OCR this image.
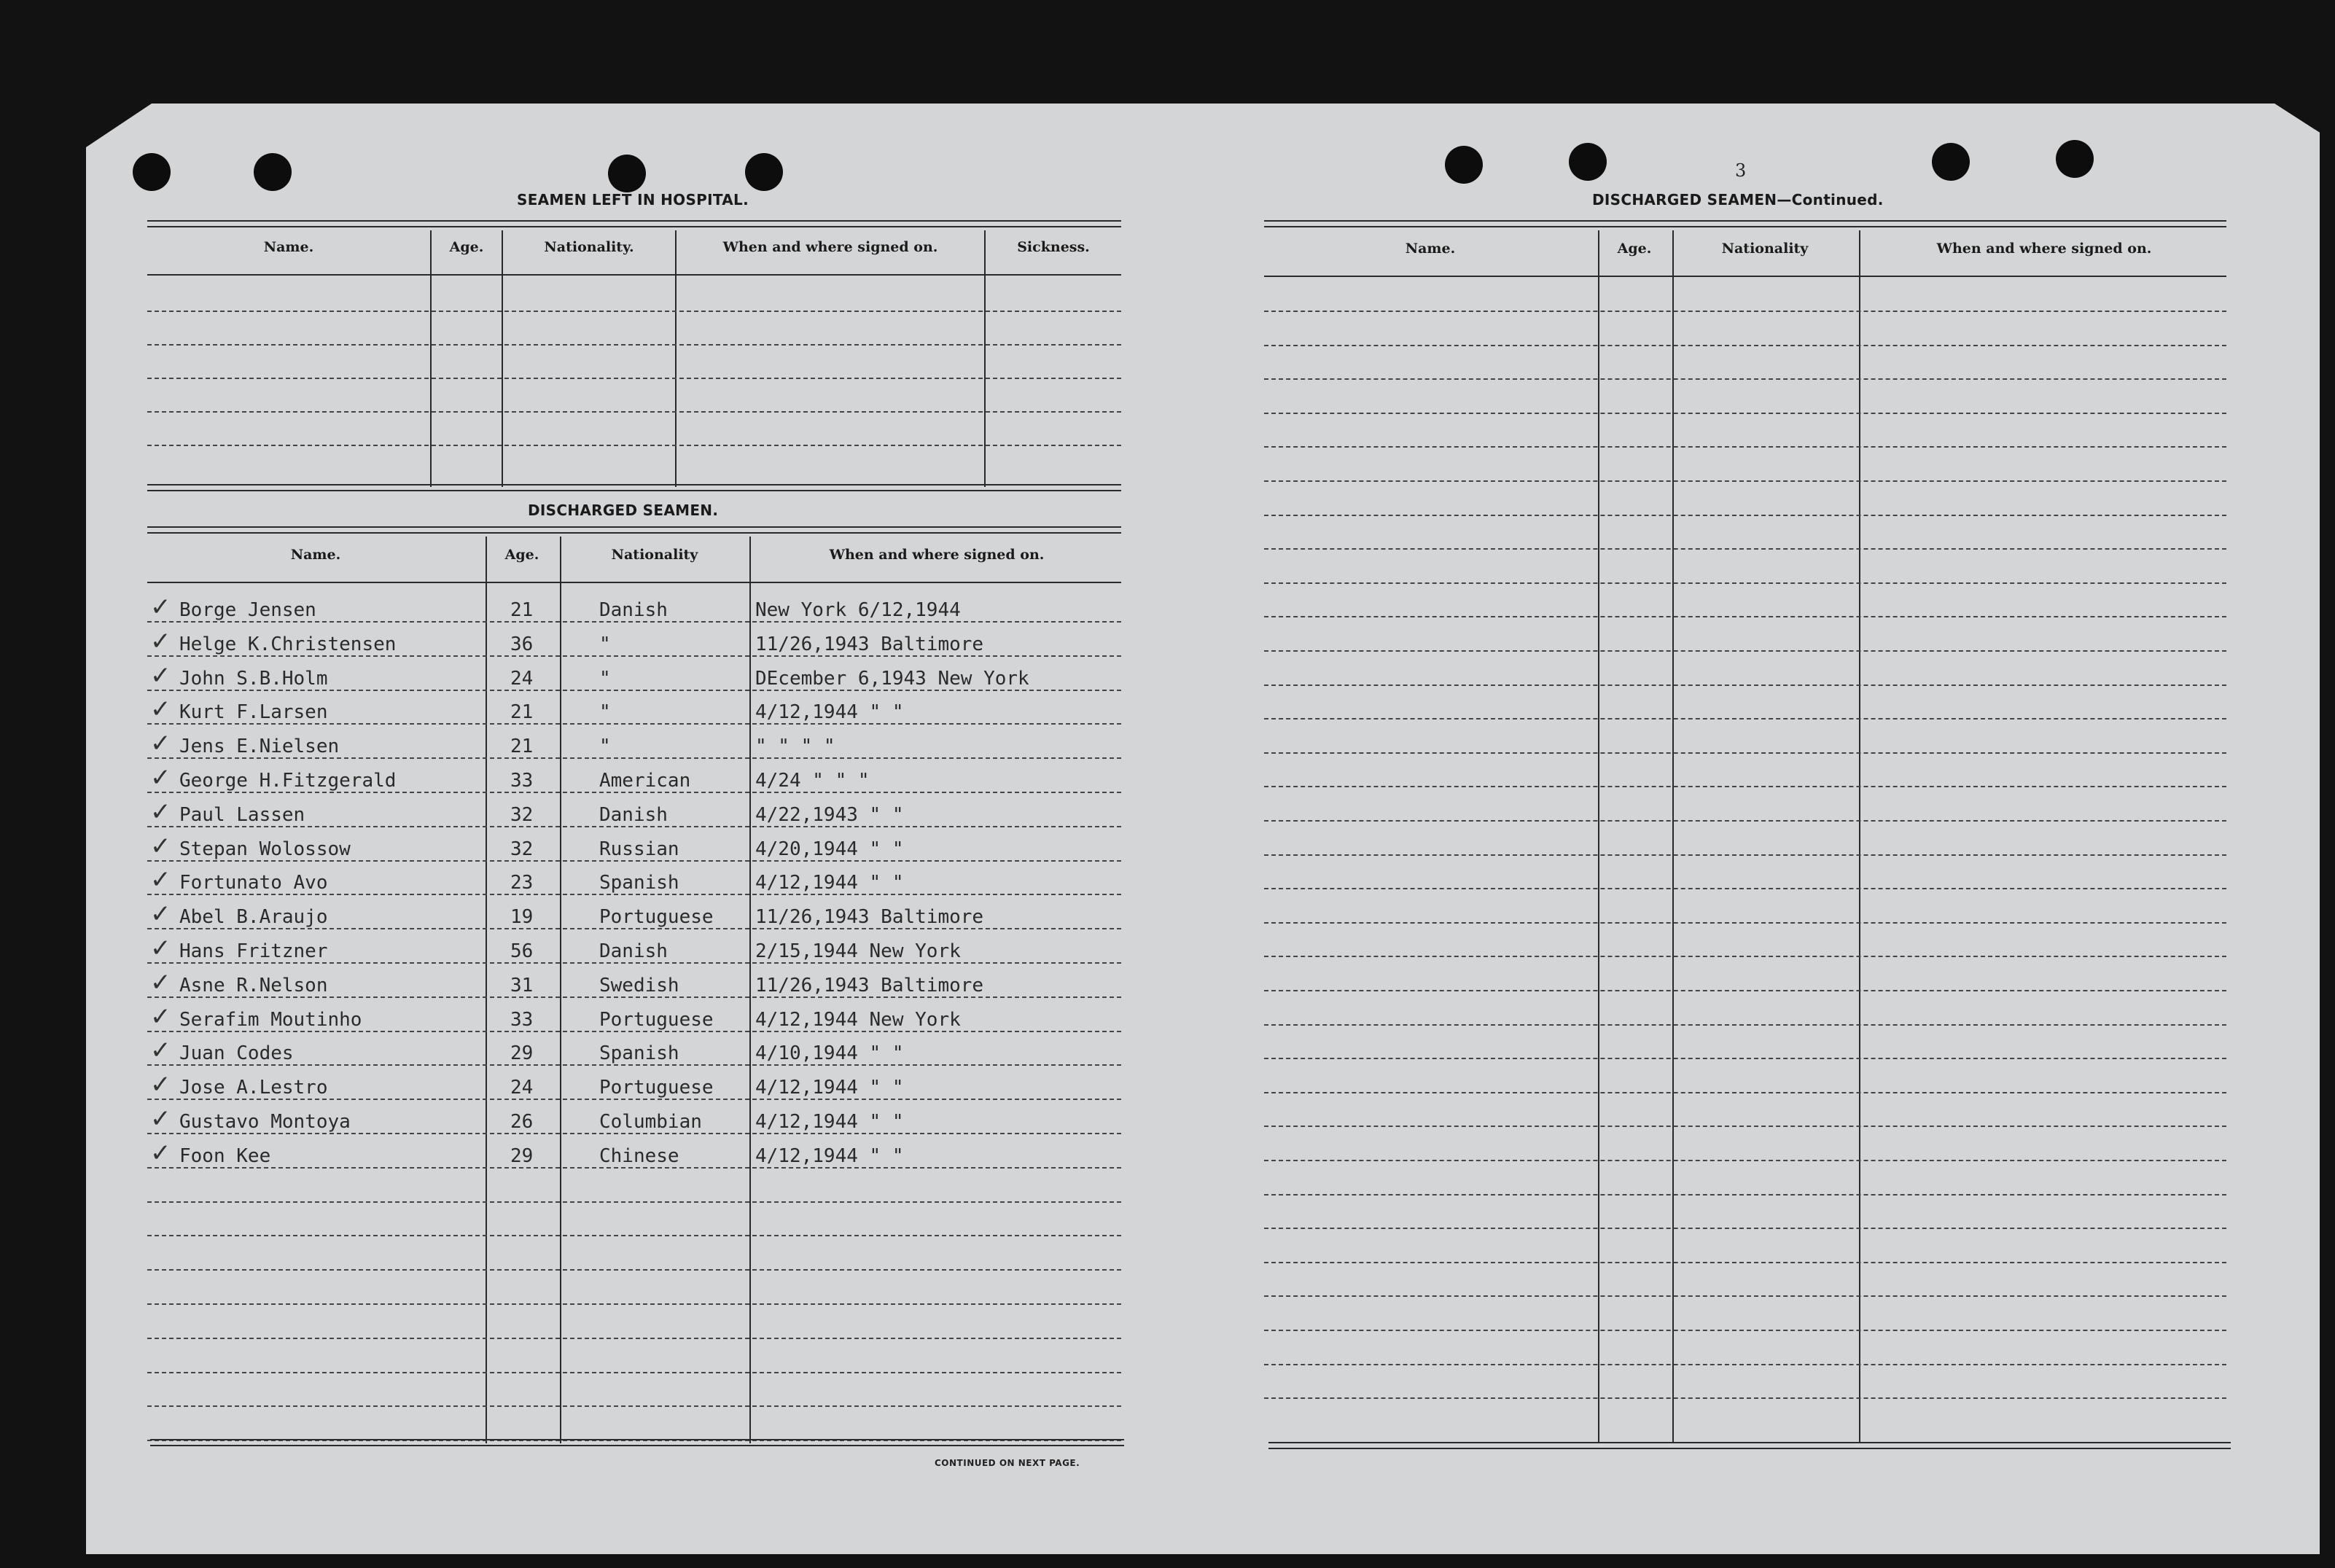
SEAMEN LEFT IN HOSPITAL.
Name.	Age.	Nationality.	When and where signed on.	Sickness.
DISCHARGED SEAMEN.
Name.	Age.	Nationality	When and where signed on.
✓ Borge Jensen	21	Danish	New York 6/12,1944
✓ Helge K.Christensen	36	"	11/26,1943 Baltimore
✓ John S.B.Holm	24	"	DEcember 6,1943 New York
✓ Kurt F.Larsen	21	"	4/12,1944 " "
✓ Jens E.Nielsen	21	"	" " " "
✓ George H.Fitzgerald	33	American	4/24 " " "
✓ Paul Lassen	32	Danish	4/22,1943 " "
✓ Stepan Wolossow	32	Russian	4/20,1944 " "
✓ Fortunato Avo	23	Spanish	4/12,1944 " "
✓ Abel B.Araujo	19	Portuguese 11/26,1943 Baltimore
✓ Hans Fritzner	56	Danish	2/15,1944 New York
✓ Asne R.Nelson	31	Swedish	11/26,1943 Baltimore
✓ Serafim Moutinho	33	Portuguese 4/12,1944 New York
✓ Juan Codes	29	Spanish	4/10,1944 " "
✓ Jose A.Lestro	24	Portuguese 4/12,1944 " "
✓ Gustavo Montoya	26	Columbian	4/12,1944 " "
✓ Foon Kee	29	Chinese	4/12,1944 " "
CONTINUED ON NEXT PAGE.
3
DISCHARGED SEAMEN—Continued.
Name.	Age.	Nationality	When and where signed on.
